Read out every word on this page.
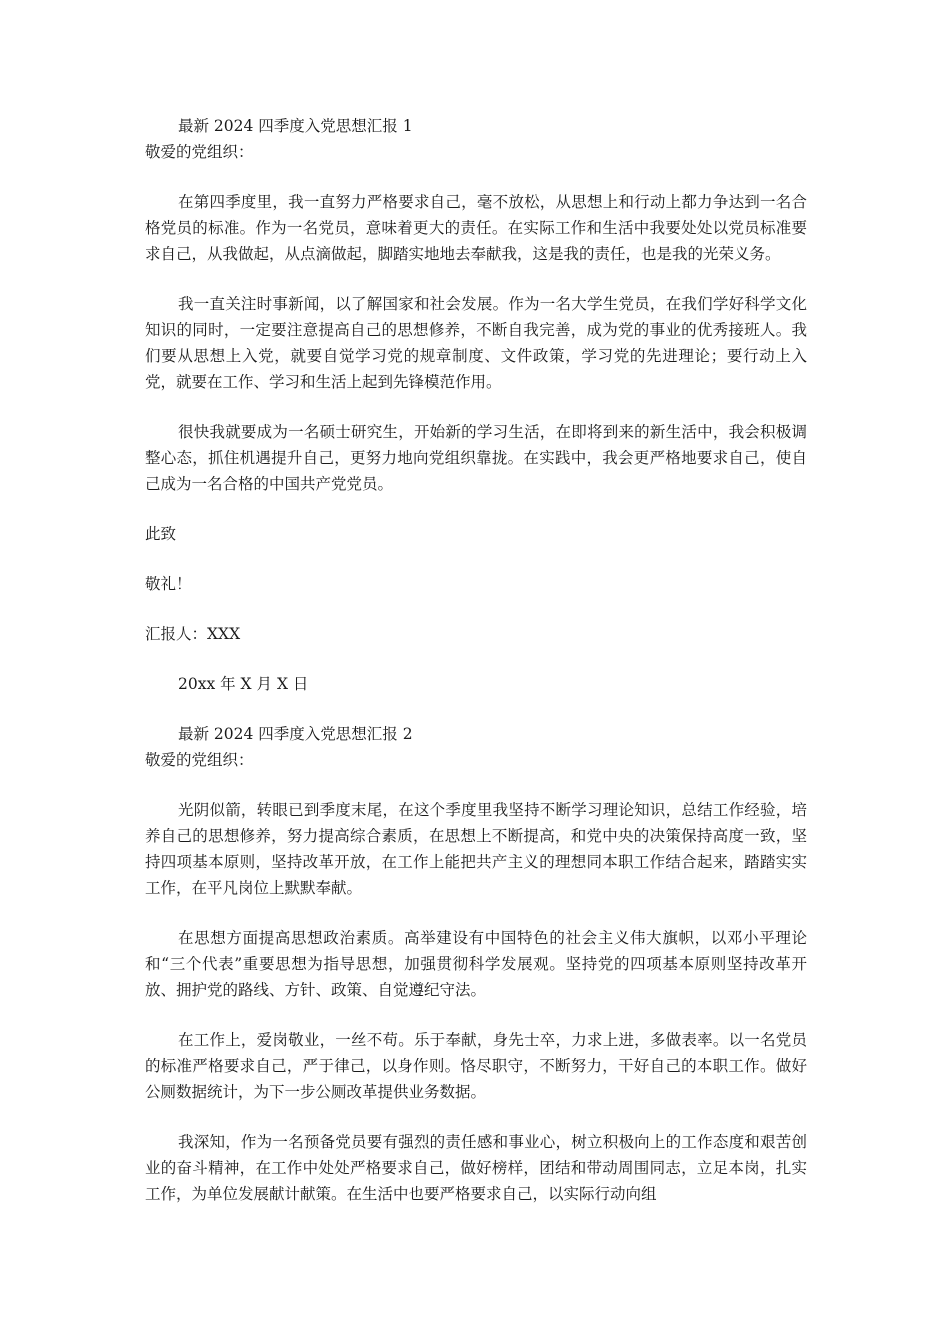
最新 2024 四季度入党思想汇报 1

敬爱的党组织：

在第四季度里，我一直努力严格要求自己，毫不放松，从思想上和行动上都力争达到一名合格党员的标准。作为一名党员，意味着更大的责任。在实际工作和生活中我要处处以党员标准要求自己，从我做起，从点滴做起，脚踏实地地去奉献我，这是我的责任，也是我的光荣义务。

我一直关注时事新闻，以了解国家和社会发展。作为一名大学生党员，在我们学好科学文化知识的同时，一定要注意提高自己的思想修养，不断自我完善，成为党的事业的优秀接班人。我们要从思想上入党，就要自觉学习党的规章制度、文件政策，学习党的先进理论；要行动上入党，就要在工作、学习和生活上起到先锋模范作用。

很快我就要成为一名硕士研究生，开始新的学习生活，在即将到来的新生活中，我会积极调整心态，抓住机遇提升自己，更努力地向党组织靠拢。在实践中，我会更严格地要求自己，使自己成为一名合格的中国共产党党员。

此致

敬礼！

汇报人：XXX

20xx 年 X 月 X 日

最新 2024 四季度入党思想汇报 2

敬爱的党组织：

光阴似箭，转眼已到季度末尾，在这个季度里我坚持不断学习理论知识，总结工作经验，培养自己的思想修养，努力提高综合素质，在思想上不断提高，和党中央的决策保持高度一致，坚持四项基本原则，坚持改革开放，在工作上能把共产主义的理想同本职工作结合起来，踏踏实实工作，在平凡岗位上默默奉献。

在思想方面提高思想政治素质。高举建设有中国特色的社会主义伟大旗帜，以邓小平理论和“三个代表”重要思想为指导思想，加强贯彻科学发展观。坚持党的四项基本原则坚持改革开放、拥护党的路线、方针、政策、自觉遵纪守法。

在工作上，爱岗敬业，一丝不苟。乐于奉献，身先士卒，力求上进，多做表率。以一名党员的标准严格要求自己，严于律己，以身作则。恪尽职守，不断努力，干好自己的本职工作。做好公厕数据统计，为下一步公厕改革提供业务数据。

我深知，作为一名预备党员要有强烈的责任感和事业心，树立积极向上的工作态度和艰苦创业的奋斗精神，在工作中处处严格要求自己，做好榜样，团结和带动周围同志，立足本岗，扎实工作，为单位发展献计献策。在生活中也要严格要求自己，以实际行动向组
